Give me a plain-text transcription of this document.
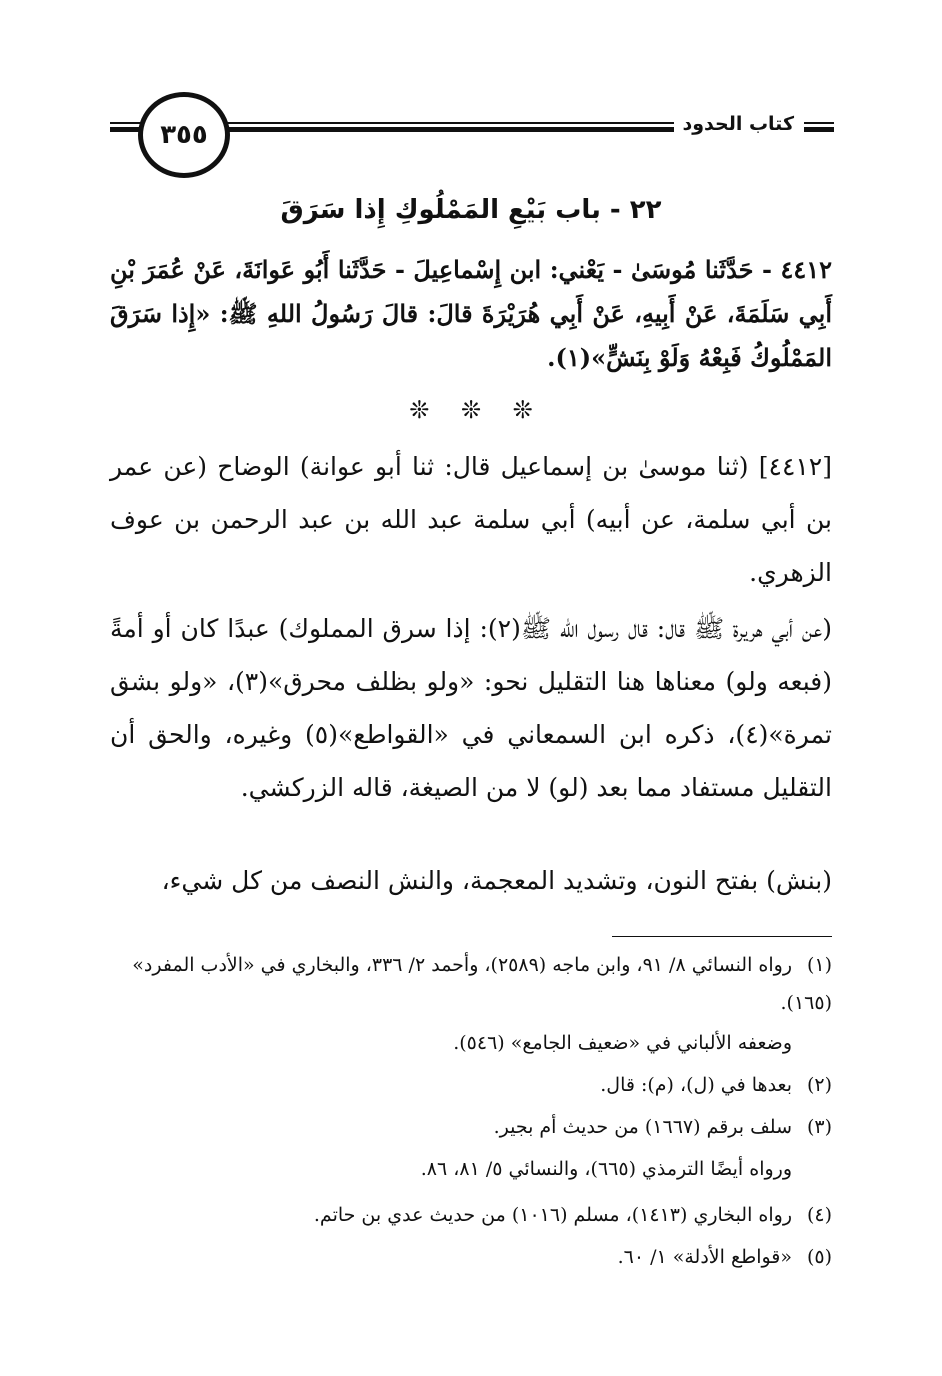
كتاب الحدود
٣٥٥
٢٢ - باب بَيْعِ المَمْلُوكِ إِذا سَرَقَ

٤٤١٢ - حَدَّثَنا مُوسَىٰ - يَعْني: ابن إِسْماعِيلَ - حَدَّثَنا أَبُو عَوانَةَ، عَنْ عُمَرَ بْنِ أَبِي سَلَمَةَ، عَنْ أَبِيهِ، عَنْ أَبِي هُرَيْرَةَ قالَ: قالَ رَسُولُ اللهِ ﷺ: «إِذا سَرَقَ المَمْلُوكُ فَبِعْهُ وَلَوْ بِنَشٍّ»(١).

❊ ❊ ❊

[٤٤١٢] (ثنا موسىٰ بن إسماعيل قال: ثنا أبو عوانة) الوضاح (عن عمر بن أبي سلمة، عن أبيه) أبي سلمة عبد الله بن عبد الرحمن بن عوف الزهري.

(عن أبي هريرة ﷺ قال: قال رسول الله ﷺ(٢): إذا سرق المملوك) عبدًا كان أو أمةً (فبعه ولو) معناها هنا التقليل نحو: «ولو بظلف محرق»(٣)، «ولو بشق تمرة»(٤)، ذكره ابن السمعاني في «القواطع»(٥) وغيره، والحق أن التقليل مستفاد مما بعد (لو) لا من الصيغة، قاله الزركشي.

(بنش) بفتح النون، وتشديد المعجمة، والنش النصف من كل شيء،

(١)رواه النسائي ٨/ ٩١، وابن ماجه (٢٥٨٩)، وأحمد ٢/ ٣٣٦، والبخاري في «الأدب المفرد» (١٦٥).

وضعفه الألباني في «ضعيف الجامع» (٥٤٦).

(٢)بعدها في (ل)، (م): قال.

(٣)سلف برقم (١٦٦٧) من حديث أم بجير.

ورواه أيضًا الترمذي (٦٦٥)، والنسائي ٥/ ٨١، ٨٦.

(٤)رواه البخاري (١٤١٣)، مسلم (١٠١٦) من حديث عدي بن حاتم.

(٥)«قواطع الأدلة» ١/ ٦٠.
